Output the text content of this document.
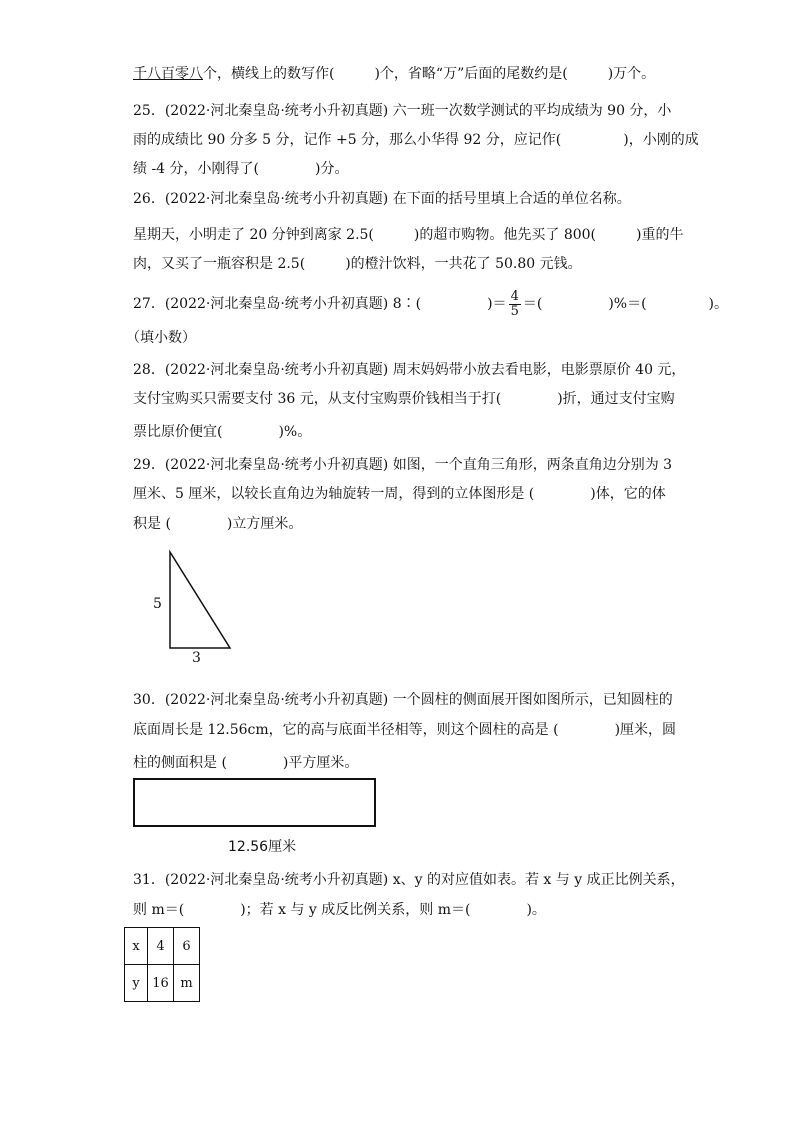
千八百零八个，横线上的数写作(	)个，省略“万”后面的尾数约是(	)万个。
25．(2022·河北秦皇岛·统考小升初真题) 六一班一次数学测试的平均成绩为 90 分，小
雨的成绩比 90 分多 5 分，记作 +5 分，那么小华得 92 分，应记作(	)，小刚的成
绩 -4 分，小刚得了(	)分。
26．(2022·河北秦皇岛·统考小升初真题) 在下面的括号里填上合适的单位名称。
星期天，小明走了 20 分钟到离家 2.5(	)的超市购物。他先买了 800(	)重的牛
肉，又买了一瓶容积是 2.5(	)的橙汁饮料，一共花了 50.80 元钱。
27．(2022·河北秦皇岛·统考小升初真题) 8∶(	)＝ $\frac{4}{5}$ ＝(	)%＝(	)。
（填小数）
28．(2022·河北秦皇岛·统考小升初真题) 周末妈妈带小放去看电影，电影票原价 40 元，
支付宝购买只需要支付 36 元，从支付宝购票价钱相当于打(	)折，通过支付宝购
票比原价便宜(	)%。
29．(2022·河北秦皇岛·统考小升初真题) 如图，一个直角三角形，两条直角边分别为 3
厘米、5 厘米，以较长直角边为轴旋转一周，得到的立体图形是 (	)体，它的体
积是 (	)立方厘米。
5
3
30．(2022·河北秦皇岛·统考小升初真题) 一个圆柱的侧面展开图如图所示，已知圆柱的
底面周长是 12.56cm，它的高与底面半径相等，则这个圆柱的高是 (	)厘米，圆
柱的侧面积是 (	)平方厘米。
12.56厘米
31．(2022·河北秦皇岛·统考小升初真题) x、y 的对应值如表。若 x 与 y 成正比例关系，
则 m＝(	)；若 x 与 y 成反比例关系，则 m＝(	)。
x	4	6
y	16	m
